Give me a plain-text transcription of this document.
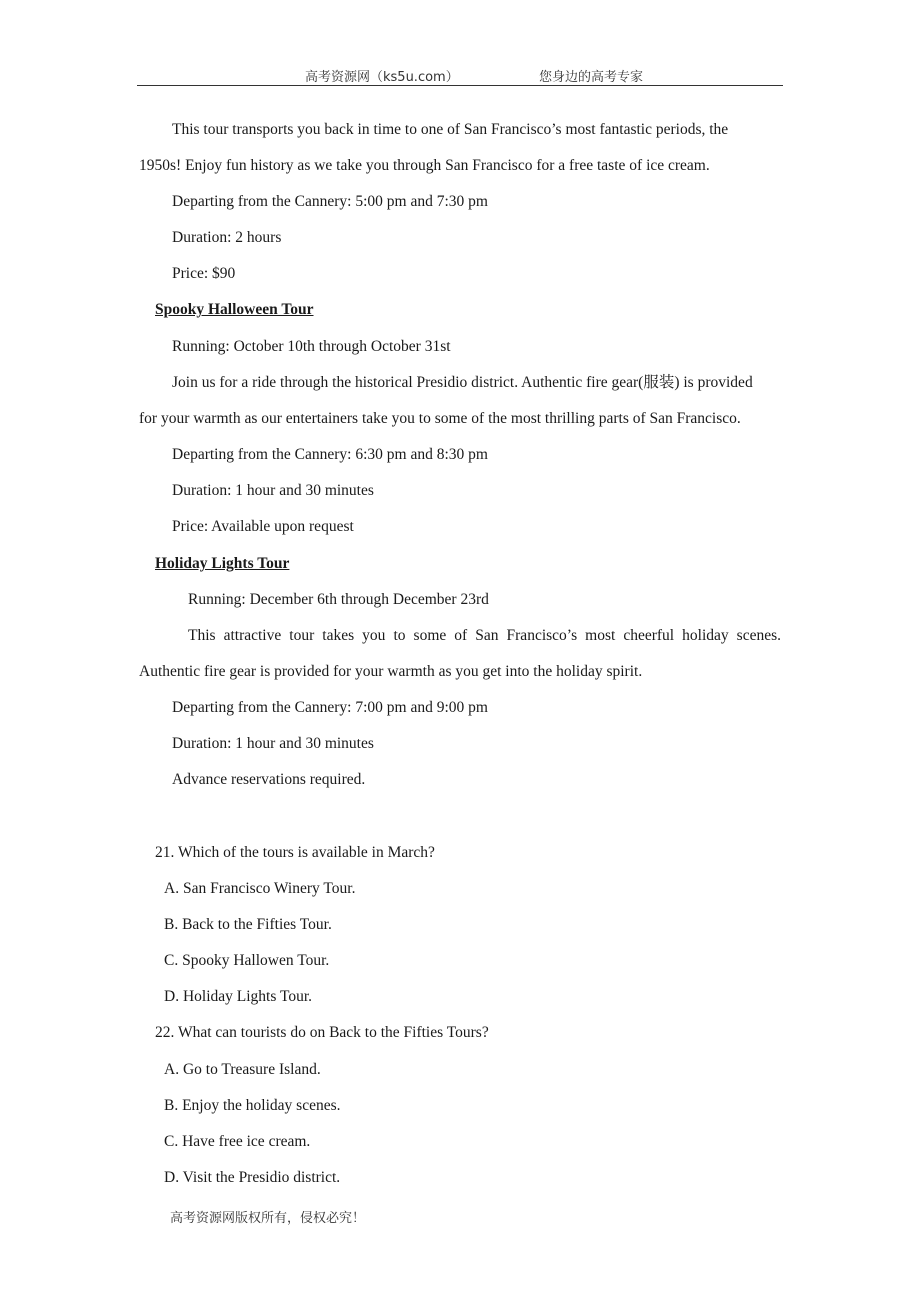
高考资源网（ks5u.com）	您身边的高考专家
This tour transports you back in time to one of San Francisco’s most fantastic periods, the
1950s! Enjoy fun history as we take you through San Francisco for a free taste of ice cream.
Departing from the Cannery: 5:00 pm and 7:30 pm
Duration: 2 hours
Price: $90
Spooky Halloween Tour
Running: October 10th through October 31st
Join us for a ride through the historical Presidio district. Authentic fire gear(服装) is provided
for your warmth as our entertainers take you to some of the most thrilling parts of San Francisco.
Departing from the Cannery: 6:30 pm and 8:30 pm
Duration: 1 hour and 30 minutes
Price: Available upon request
Holiday Lights Tour
Running: December 6th through December 23rd
This attractive tour takes you to some of San Francisco’s most cheerful holiday scenes.
Authentic fire gear is provided for your warmth as you get into the holiday spirit.
Departing from the Cannery: 7:00 pm and 9:00 pm
Duration: 1 hour and 30 minutes
Advance reservations required.
21. Which of the tours is available in March?
A. San Francisco Winery Tour.
B. Back to the Fifties Tour.
C. Spooky Hallowen Tour.
D. Holiday Lights Tour.
22. What can tourists do on Back to the Fifties Tours?
A. Go to Treasure Island.
B. Enjoy the holiday scenes.
C. Have free ice cream.
D. Visit the Presidio district.
高考资源网版权所有，侵权必究！
